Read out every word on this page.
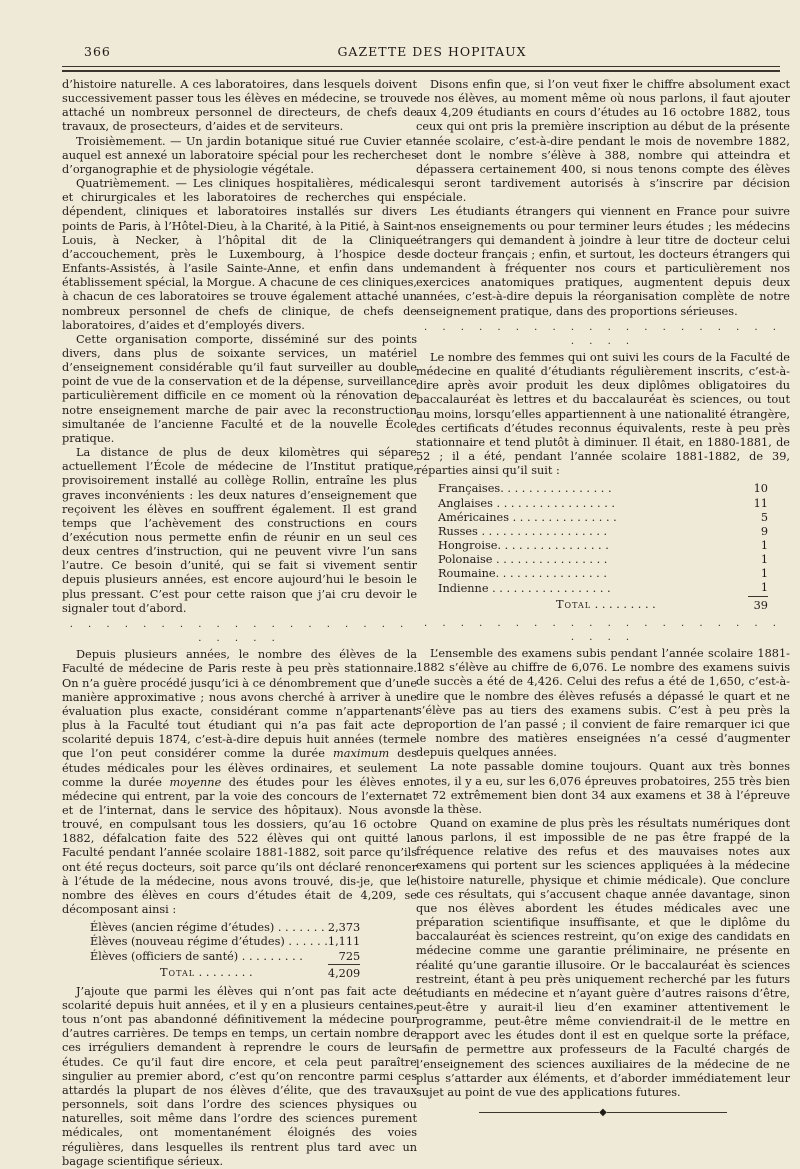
366	GAZETTE DES HOPITAUX

d’histoire naturelle. A ces laboratoires, dans lesquels doivent successivement passer tous les élèves en médecine, se trouve attaché un nombreux personnel de directeurs, de chefs de travaux, de prosecteurs, d’aides et de serviteurs.

Troisièmement. — Un jardin botanique situé rue Cuvier et auquel est annexé un laboratoire spécial pour les recherches d’organographie et de physiologie végétale.

Quatrièmement. — Les cliniques hospitalières, médicales et chirurgicales et les laboratoires de recherches qui en dépendent, cliniques et laboratoires installés sur divers points de Paris, à l’Hôtel-Dieu, à la Charité, à la Pitié, à Saint-Louis, à Necker, à l’hôpital dit de la Clinique d’accouchement, près le Luxembourg, à l’hospice des Enfants-Assistés, à l’asile Sainte-Anne, et enfin dans un établissement spécial, la Morgue. A chacune de ces cliniques, à chacun de ces laboratoires se trouve également attaché un nombreux personnel de chefs de clinique, de chefs de laboratoires, d’aides et d’employés divers.

Cette organisation comporte, disséminé sur des points divers, dans plus de soixante services, un matériel d’enseignement considérable qu’il faut surveiller au double point de vue de la conservation et de la dépense, surveillance particulièrement difficile en ce moment où la rénovation de notre enseignement marche de pair avec la reconstruction simultanée de l’ancienne Faculté et de la nouvelle École pratique.

La distance de plus de deux kilomètres qui sépare actuellement l’École de médecine de l’Institut pratique, provisoirement installé au collège Rollin, entraîne les plus graves inconvénients : les deux natures d’enseignement que reçoivent les élèves en souffrent également. Il est grand temps que l’achèvement des constructions en cours d’exécution nous permette enfin de réunir en un seul ces deux centres d’instruction, qui ne peuvent vivre l’un sans l’autre. Ce besoin d’unité, qui se fait si vivement sentir depuis plusieurs années, est encore aujourd’hui le besoin le plus pressant. C’est pour cette raison que j’ai cru devoir le signaler tout d’abord.

. . . . . . . . . . . . . . . . . . . . . . . .

Depuis plusieurs années, le nombre des élèves de la Faculté de médecine de Paris reste à peu près stationnaire. On n’a guère procédé jusqu’ici à ce dénombrement que d’une manière approximative ; nous avons cherché à arriver à une évaluation plus exacte, considérant comme n’appartenant plus à la Faculté tout étudiant qui n’a pas fait acte de scolarité depuis 1874, c’est-à-dire depuis huit années (terme que l’on peut considérer comme la durée maximum des études médicales pour les élèves ordinaires, et seulement comme la durée moyenne des études pour les élèves en médecine qui entrent, par la voie des concours de l’externat et de l’internat, dans le service des hôpitaux). Nous avons trouvé, en compulsant tous les dossiers, qu’au 16 octobre 1882, défalcation faite des 522 élèves qui ont quitté la Faculté pendant l’année scolaire 1881-1882, soit parce qu’ils ont été reçus docteurs, soit parce qu’ils ont déclaré renoncer à l’étude de la médecine, nous avons trouvé, dis-je, que le nombre des élèves en cours d’études était de 4,209, se décomposant ainsi :

Élèves (ancien régime d’études) . . . . . . .	2,373
Élèves (nouveau régime d’études) . . . . . .	1,111
Élèves (officiers de santé) . . . . . . . . .	725
Total . . . . . . . .	4,209

J’ajoute que parmi les élèves qui n’ont pas fait acte de scolarité depuis huit années, et il y en a plusieurs centaines, tous n’ont pas abandonné définitivement la médecine pour d’autres carrières. De temps en temps, un certain nombre de ces irréguliers demandent à reprendre le cours de leurs études. Ce qu’il faut dire encore, et cela peut paraître singulier au premier abord, c’est qu’on rencontre parmi ces attardés la plupart de nos élèves d’élite, que des travaux personnels, soit dans l’ordre des sciences physiques ou naturelles, soit même dans l’ordre des sciences purement médicales, ont momentanément éloignés des voies régulières, dans lesquelles ils rentrent plus tard avec un bagage scientifique sérieux.

Disons enfin que, si l’on veut fixer le chiffre absolument exact de nos élèves, au moment même où nous parlons, il faut ajouter aux 4,209 étudiants en cours d’études au 16 octobre 1882, tous ceux qui ont pris la première inscription au début de la présente année scolaire, c’est-à-dire pendant le mois de novembre 1882, et dont le nombre s’élève à 388, nombre qui atteindra et dépassera certainement 400, si nous tenons compte des élèves qui seront tardivement autorisés à s’inscrire par décision spéciale.

Les étudiants étrangers qui viennent en France pour suivre nos enseignements ou pour terminer leurs études ; les médecins étrangers qui demandent à joindre à leur titre de docteur celui de docteur français ; enfin, et surtout, les docteurs étrangers qui demandent à fréquenter nos cours et particulièrement nos exercices anatomiques pratiques, augmentent depuis deux années, c’est-à-dire depuis la réorganisation complète de notre enseignement pratique, dans des proportions sérieuses.

. . . . . . . . . . . . . . . . . . . . . . . .

Le nombre des femmes qui ont suivi les cours de la Faculté de médecine en qualité d’étudiants régulièrement inscrits, c’est-à-dire après avoir produit les deux diplômes obligatoires du baccalauréat ès lettres et du baccalauréat ès sciences, ou tout au moins, lorsqu’elles appartiennent à une nationalité étrangère, des certificats d’études reconnus équivalents, reste à peu près stationnaire et tend plutôt à diminuer. Il était, en 1880-1881, de 52 ; il a été, pendant l’année scolaire 1881-1882, de 39, réparties ainsi qu’il suit :

Françaises. . . . . . . . . . . . . . . .	10
Anglaises . . . . . . . . . . . . . . . . .	11
Américaines . . . . . . . . . . . . . . .	5
Russes . . . . . . . . . . . . . . . . . .	9
Hongroise. . . . . . . . . . . . . . . .	1
Polonaise . . . . . . . . . . . . . . . .	1
Roumaine. . . . . . . . . . . . . . . .	1
Indienne . . . . . . . . . . . . . . . . .	1
Total . . . . . . . . .	39
. . . . . . . . . . . . . . . . . . . . . . . .

L’ensemble des examens subis pendant l’année scolaire 1881-1882 s’élève au chiffre de 6,076. Le nombre des examens suivis de succès a été de 4,426. Celui des refus a été de 1,650, c’est-à-dire que le nombre des élèves refusés a dépassé le quart et ne s’élève pas au tiers des examens subis. C’est à peu près la proportion de l’an passé ; il convient de faire remarquer ici que le nombre des matières enseignées n’a cessé d’augmenter depuis quelques années.

La note passable domine toujours. Quant aux très bonnes notes, il y a eu, sur les 6,076 épreuves probatoires, 255 très bien et 72 extrêmement bien dont 34 aux examens et 38 à l’épreuve de la thèse.

Quand on examine de plus près les résultats numériques dont nous parlons, il est impossible de ne pas être frappé de la fréquence relative des refus et des mauvaises notes aux examens qui portent sur les sciences appliquées à la médecine (histoire naturelle, physique et chimie médicale). Que conclure de ces résultats, qui s’accusent chaque année davantage, sinon que nos élèves abordent les études médicales avec une préparation scientifique insuffisante, et que le diplôme du baccalauréat ès sciences restreint, qu’on exige des candidats en médecine comme une garantie préliminaire, ne présente en réalité qu’une garantie illusoire. Or le baccalauréat ès sciences restreint, étant à peu près uniquement recherché par les futurs étudiants en médecine et n’ayant guère d’autres raisons d’être, peut-être y aurait-il lieu d’en examiner attentivement le programme, peut-être même conviendrait-il de le mettre en rapport avec les études dont il est en quelque sorte la préface, afin de permettre aux professeurs de la Faculté chargés de l’enseignement des sciences auxiliaires de la médecine de ne plus s’attarder aux éléments, et d’aborder immédiatement leur sujet au point de vue des applications futures.

◆
